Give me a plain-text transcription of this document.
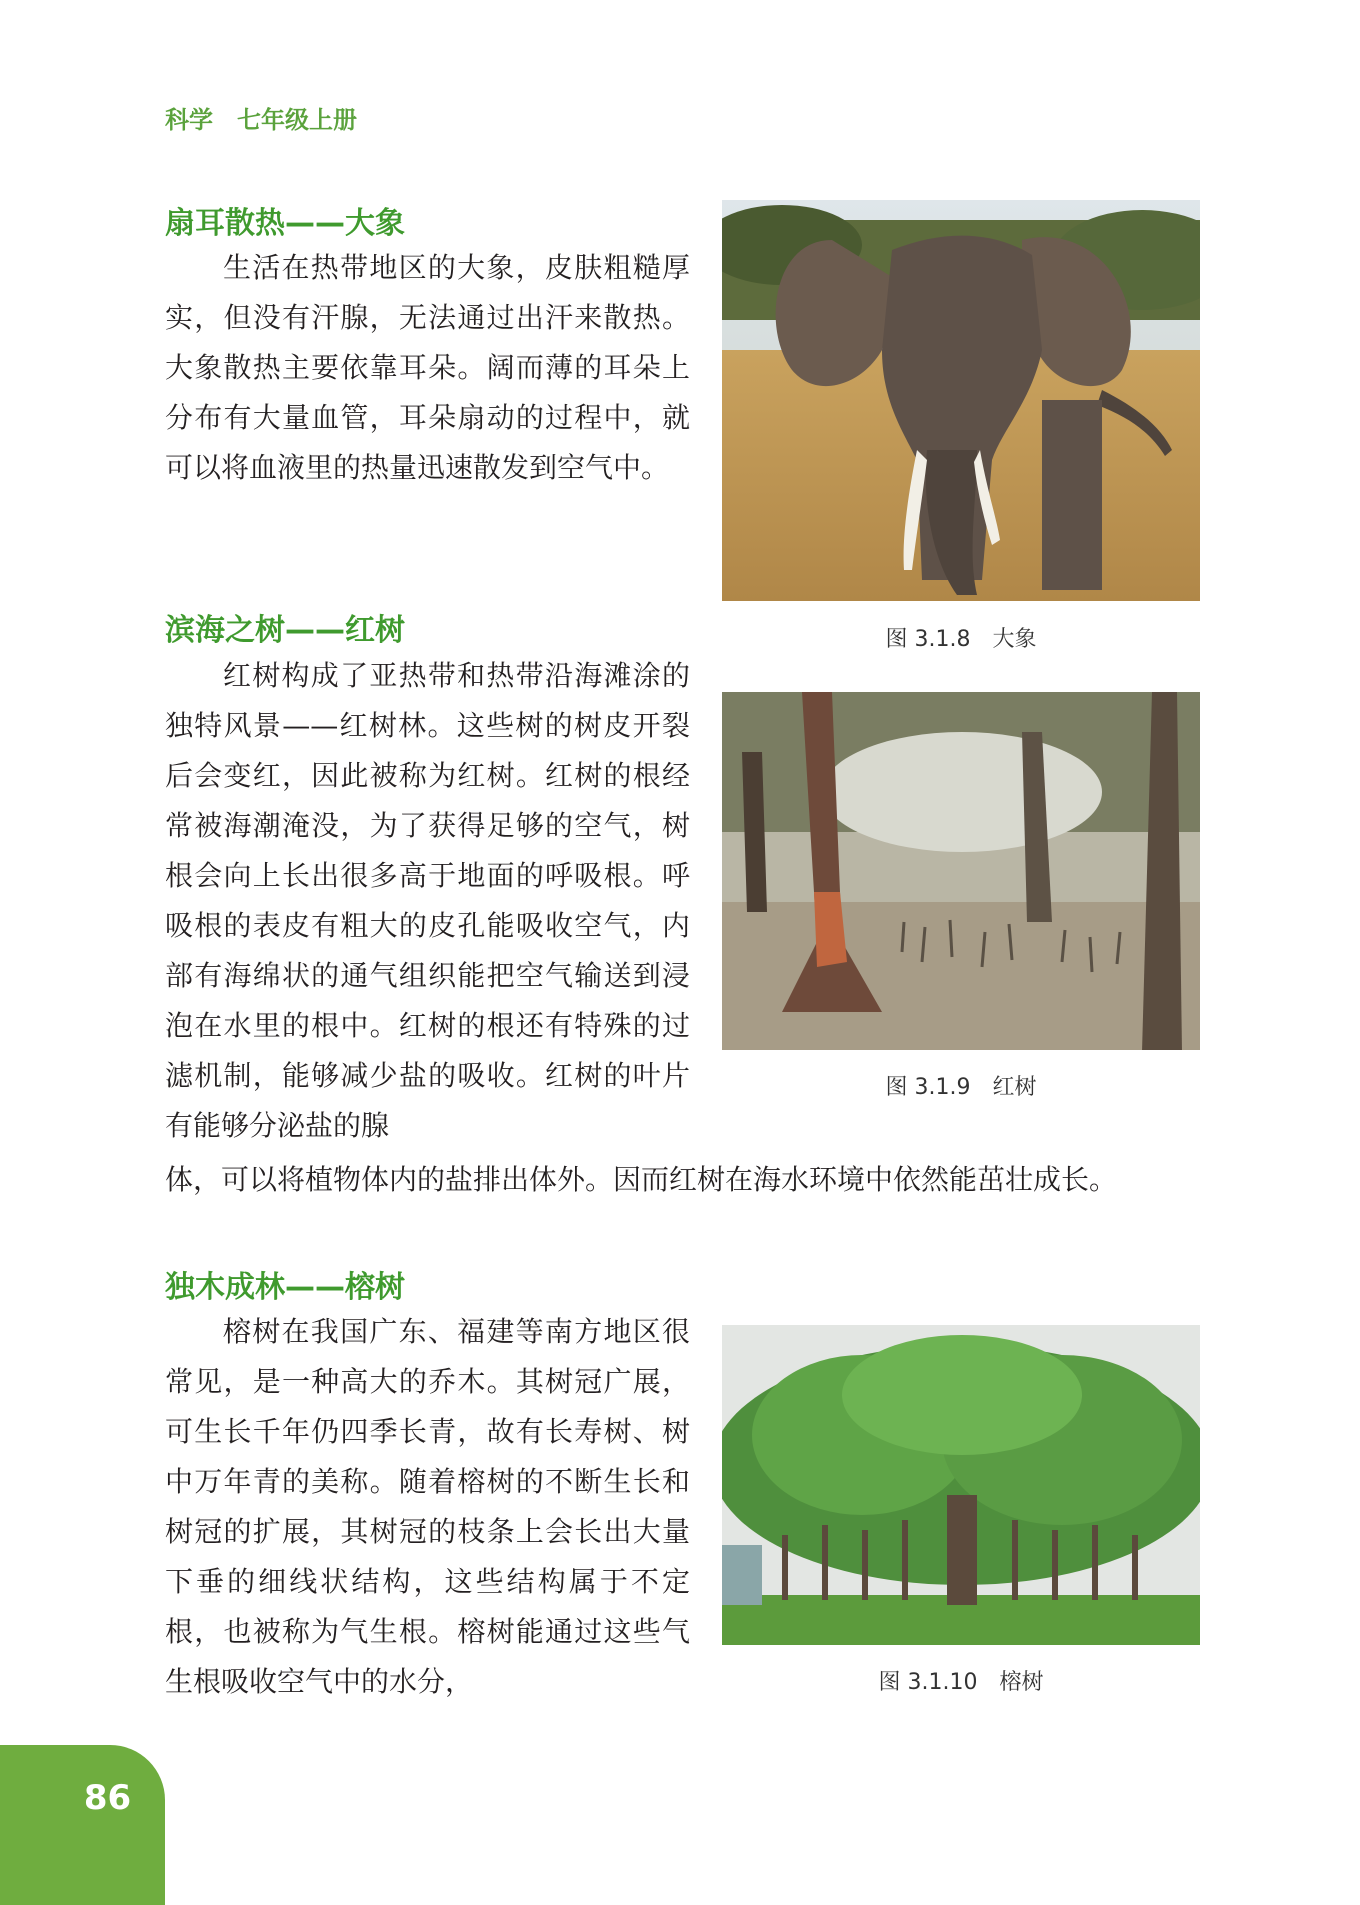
科学　七年级上册
扇耳散热——大象

生活在热带地区的大象，皮肤粗糙厚实，但没有汗腺，无法通过出汗来散热。大象散热主要依靠耳朵。阔而薄的耳朵上分布有大量血管，耳朵扇动的过程中，就可以将血液里的热量迅速散发到空气中。

图 3.1.8　大象
滨海之树——红树

红树构成了亚热带和热带沿海滩涂的独特风景——红树林。这些树的树皮开裂后会变红，因此被称为红树。红树的根经常被海潮淹没，为了获得足够的空气，树根会向上长出很多高于地面的呼吸根。呼吸根的表皮有粗大的皮孔能吸收空气，内部有海绵状的通气组织能把空气输送到浸泡在水里的根中。红树的根还有特殊的过滤机制，能够减少盐的吸收。红树的叶片有能够分泌盐的腺

体，可以将植物体内的盐排出体外。因而红树在海水环境中依然能茁壮成长。

图 3.1.9　红树
独木成林——榕树

榕树在我国广东、福建等南方地区很常见，是一种高大的乔木。其树冠广展，可生长千年仍四季长青，故有长寿树、树中万年青的美称。随着榕树的不断生长和树冠的扩展，其树冠的枝条上会长出大量下垂的细线状结构，这些结构属于不定根，也被称为气生根。榕树能通过这些气生根吸收空气中的水分，	图 3.1.10　榕树
86
